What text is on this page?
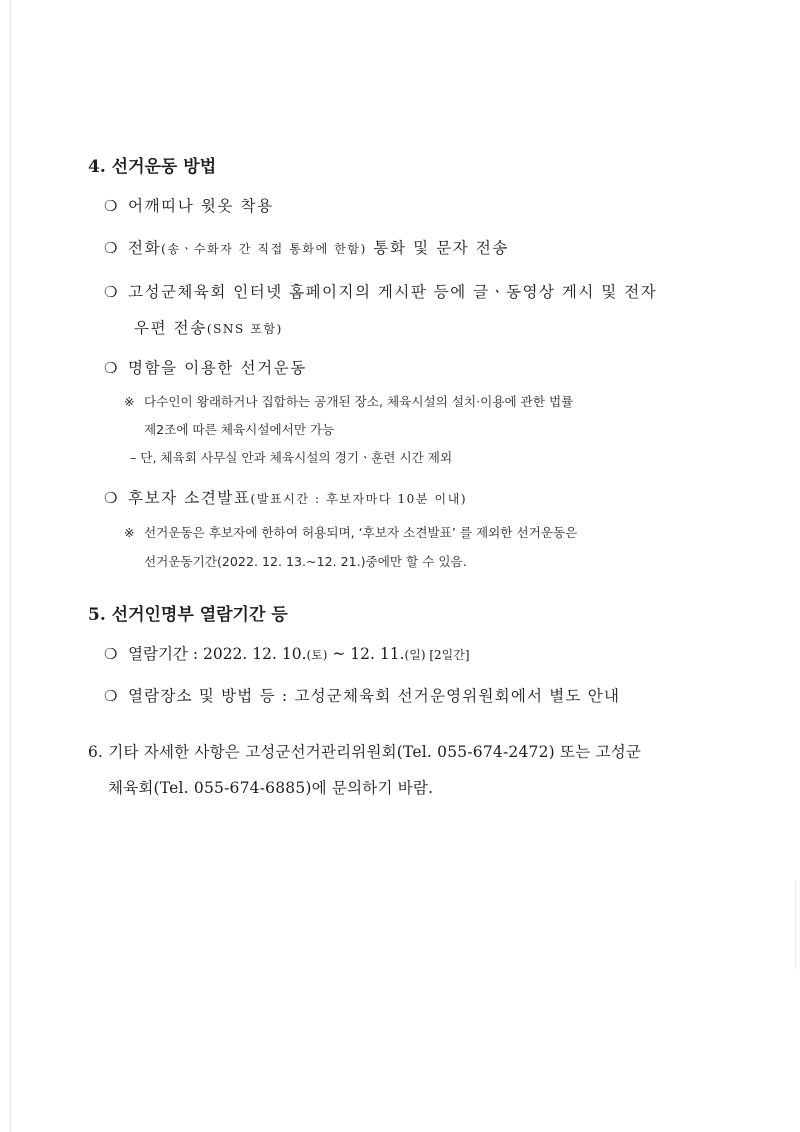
4. 선거운동 방법
❍ 어깨띠나 윗옷 착용
❍ 전화(송ㆍ수화자 간 직접 통화에 한함) 통화 및 문자 전송
❍ 고성군체육회 인터넷 홈페이지의 게시판 등에 글ㆍ동영상 게시 및 전자
우편 전송(SNS 포함)
❍ 명함을 이용한 선거운동
※ 다수인이 왕래하거나 집합하는 공개된 장소, 체육시설의 설치·이용에 관한 법률
제2조에 따른 체육시설에서만 가능
– 단, 체육회 사무실 안과 체육시설의 경기ㆍ훈련 시간 제외
❍ 후보자 소견발표(발표시간 : 후보자마다 10분 이내)
※ 선거운동은 후보자에 한하여 허용되며, ‘후보자 소견발표’ 를 제외한 선거운동은
선거운동기간(2022. 12. 13.~12. 21.)중에만 할 수 있음.
5. 선거인명부 열람기간 등
❍ 열람기간 : 2022. 12. 10.(토) ~ 12. 11.(일) [2일간]
❍ 열람장소 및 방법 등 : 고성군체육회 선거운영위원회에서 별도 안내
6. 기타 자세한 사항은 고성군선거관리위원회(Tel. 055-674-2472) 또는 고성군
체육회(Tel. 055-674-6885)에 문의하기 바람.
